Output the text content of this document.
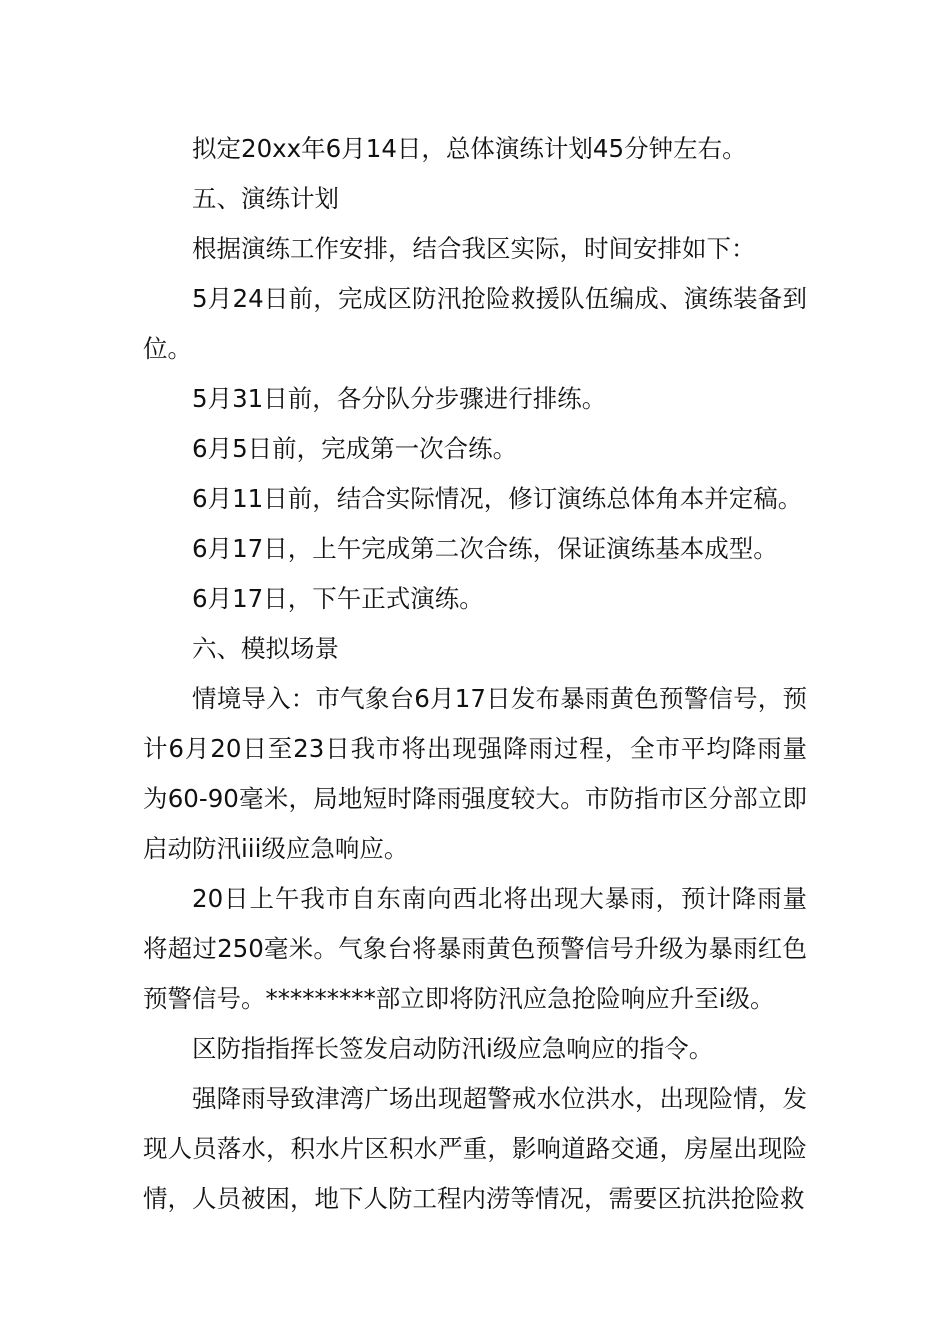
拟定20xx年6月14日，总体演练计划45分钟左右。

五、演练计划

根据演练工作安排，结合我区实际，时间安排如下：

5月24日前，完成区防汛抢险救援队伍编成、演练装备到位。

5月31日前，各分队分步骤进行排练。

6月5日前，完成第一次合练。

6月11日前，结合实际情况，修订演练总体角本并定稿。

6月17日，上午完成第二次合练，保证演练基本成型。

6月17日，下午正式演练。

六、模拟场景

情境导入：市气象台6月17日发布暴雨黄色预警信号，预计6月20日至23日我市将出现强降雨过程，全市平均降雨量为60-90毫米，局地短时降雨强度较大。市防指市区分部立即启动防汛iii级应急响应。

20日上午我市自东南向西北将出现大暴雨，预计降雨量将超过250毫米。气象台将暴雨黄色预警信号升级为暴雨红色预警信号。*********部立即将防汛应急抢险响应升至ⅰ级。

区防指指挥长签发启动防汛ⅰ级应急响应的指令。

强降雨导致津湾广场出现超警戒水位洪水，出现险情，发现人员落水，积水片区积水严重，影响道路交通，房屋出现险情，人员被困，地下人防工程内涝等情况，需要区抗洪抢险救
